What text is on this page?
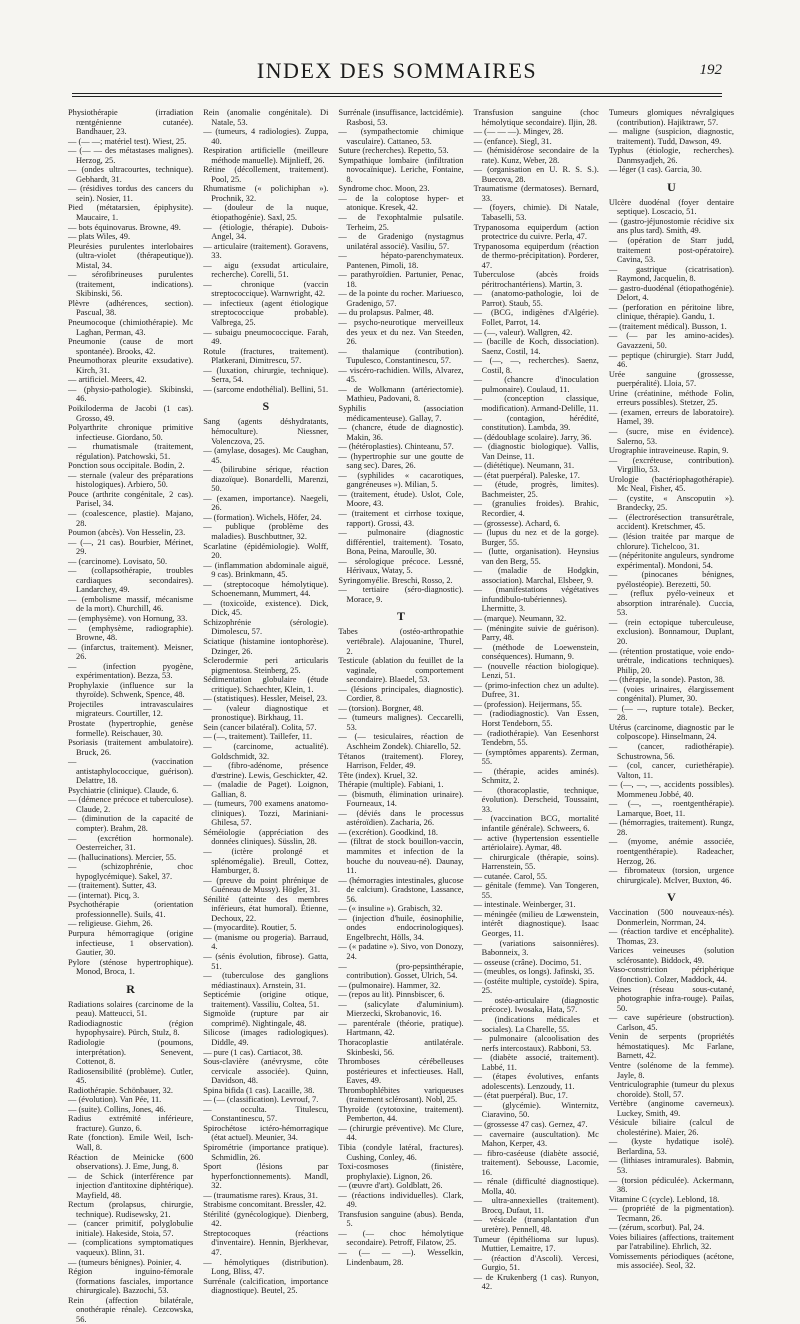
INDEX DES SOMMAIRES	192

Physiothérapie (irradiation rœntgénienne cutanée). Bandhauer, 23.

— (— —; matériel test). Wiest, 25.

— (— — des métastases malignes). Herzog, 25.

— (ondes ultracourtes, technique). Gebhardt, 31.

— (résidives tordus des cancers du sein). Nosier, 11.

Pied (métatarsien, épiphysite). Maucaire, 1.

— bots équinovarus. Browne, 49.

— plats Wiles, 49.

Pleurésies purulentes interlobaires (ultra-violet (thérapeutique)). Mistal, 34.

— sérofibrineuses purulentes (traitement, indications). Skibinski, 56.

Plèvre (adhérences, section). Pascual, 38.

Pneumocoque (chimiothérapie). Mc Laghan, Perman, 43.

Pneumonie (cause de mort spontanée). Brooks, 42.

Pneumothorax pleurite exsudative). Kirch, 31.

— artificiel. Meers, 42.

— (physio-pathologie). Skibinski, 46.

Poikiloderma de Jacobi (1 cas). Grosso, 49.

Polyarthrite chronique primitive infectieuse. Giordano, 50.

— rhumatismale (traitement, régulation). Patchowski, 51.

Ponction sous occipitale. Bodin, 2.

— sternale (valeur des préparations histologiques). Arbiero, 50.

Pouce (arthrite congénitale, 2 cas). Parisel, 34.

— (coalescence, plastie). Majano, 28.

Poumon (abcès). Von Hesselin, 23.

— (—, 21 cas). Bourbier, Mérinet, 29.

— (carcinome). Lovisato, 50.

— (collapsothérapie, troubles cardiaques secondaires). Landarchey, 49.

— (embolisme massif, mécanisme de la mort). Churchill, 46.

— (emphysème). von Hornung, 33.

— (emphysème, radiographie). Browne, 48.

— (infarctus, traitement). Meisner, 26.

— (infection pyogène, expérimentation). Bezza, 53.

Prophylaxie (influence sur la thyroïde). Schwenk, Spence, 48.

Projectiles intravasculaires migrateurs. Courtiller, 12.

Prostate (hypertrophie, genèse formelle). Reischauer, 30.

Psoriasis (traitement ambulatoire). Bruck, 26.

— (vaccination antistaphylococcique, guérison). Delattre, 18.

Psychiatrie (clinique). Claude, 6.

— (démence précoce et tuberculose). Claude, 2.

— (diminution de la capacité de compter). Brahm, 28.

— (excrétion hormonale). Oesterreicher, 31.

— (hallucinations). Mercier, 55.

— (schizophrénie, choc hypoglycémique). Sakel, 37.

— (traitement). Sutter, 43.

— (internat). Picq, 3.

Psychothérapie (orientation professionnelle). Suils, 41.

— religieuse. Giehm, 26.

Purpura hémorragique (origine infectieuse, 1 observation). Gautier, 30.

Pylore (sténose hypertrophique). Monod, Broca, 1.

R

Radiations solaires (carcinome de la peau). Matteucci, 51.

Radiodiagnostic (région hypophysaire). Pürch, Stulz, 8.

Radiologie (poumons, interprétation). Senevent, Cottenot, 8.

Radiosensibilité (problème). Cutler, 45.

Radiothérapie. Schönbauer, 32.

— (évolution). Van Pée, 11.

— (suite). Collins, Jones, 46.

Radius extrémité inférieure, fracture). Gunzo, 6.

Rate (fonction). Emile Weil, Isch-Wall, 8.

Réaction de Meinicke (600 observations). J. Eme, Jung, 8.

— de Schick (interférence par injection d'antitoxine diphtérique). Mayfield, 48.

Rectum (prolapsus, chirurgie, technique). Rudisewsky, 21.

— (cancer primitif, polyglobulie initiale). Hakeside, Stoia, 57.

— (complications symptomatiques vaqueux). Blinn, 31.

— (tumeurs bénignes). Poinier, 4.

Région inguino-fémorale (formations fasciales, importance chirurgicale). Bazzochi, 53.

Rein (affection bilatérale, onothérapie rénale). Cezcowska, 56.

Rein (anomalie congénitale). Di Natale, 53.

— (tumeurs, 4 radiologies). Zuppa, 40.

Respiration artificielle (meilleure méthode manuelle). Mijnlieff, 26.

Rétine (décollement, traitement). Pool, 25.

Rhumatisme (« polichiphan »). Prochnik, 32.

— (douleur de la nuque, étiopathogénie). Saxl, 25.

— (étiologie, thérapie). Dubois-Angel, 34.

— articulaire (traitement). Goravens, 33.

— aigu (exsudat articulaire, recherche). Corelli, 51.

— chronique (vaccin streptococcique). Warnwright, 42.

— infectieux (agent étiologique streptococcique probable). Valbrega, 25.

— subaigu pneumococcique. Farah, 49.

Rotule (fractures, traitement). Platkerani, Dimitrescu, 57.

— (luxation, chirurgie, technique). Serra, 54.

— (sarcome endothélial). Bellini, 51.

S

Sang (agents déshydratants, hémoculture). Niessner, Volenczova, 25.

— (amylase, dosages). Mc Caughan, 45.

— (bilirubine sérique, réaction diazoïque). Bonardelli, Marenzi, 50.

— (examen, importance). Naegeli, 26.

— (formation). Wichels, Höfer, 24.

— publique (problème des maladies). Buschbuttner, 32.

Scarlatine (épidémiologie). Wolff, 20.

— (inflammation abdominale aiguë, 9 cas). Brinkmann, 45.

— (streptocoque hémolytique). Schoenemann, Mummert, 44.

— (toxicoïde, existence). Dick, Dick, 45.

Schizophrénie (sérologie). Dimolescu, 57.

Sciatique (histamine iontophorèse). Dzinger, 26.

Sclerodermie peri articularis pigmentosa. Steinberg, 25.

Sédimentation globulaire (étude critique). Schaechter, Klein, 1.

— (statistiques). Hessler, Meisel, 23.

— (valeur diagnostique et pronostique). Birkhaug, 11.

Sein (cancer bilatéral). Colita, 57.

— (—, traitement). Taillefer, 11.

— (carcinome, actualité). Goldschmidt, 32.

— (fibro-adénome, présence d'œstrine). Lewis, Geschickter, 42.

— (maladie de Paget). Loignon, Gallian, 8.

— (tumeurs, 700 examens anatomo-cliniques). Tozzi, Mariniani-Ghilesa, 57.

Séméiologie (appréciation des données cliniques). Süsslin, 28.

— (ictère prolongé et splénomégalie). Breull, Cottez, Hamburger, 8.

— (preuve du point phrénique de Guéneau de Mussy). Högler, 31.

Sénilité (atteinte des membres inférieurs, état humoral). Étienne, Dechoux, 22.

— (myocardite). Routier, 5.

— (manisme ou progeria). Barraud, 4.

— (sénis évolution, fibrose). Gatta, 51.

— (tuberculose des ganglions médiastinaux). Arnstein, 31.

Septicémie (origine otique, traitement). Vassiliu, Coltea, 51.

Sigmoïde (rupture par air comprimé). Nightingale, 48.

Silicose (images radiologiques). Diddle, 49.

— pure (1 cas). Cartiacot, 38.

Sous-clavière (anévrysme, côte cervicale associée). Quinn, Davidson, 48.

Spina bifida (1 cas). Lacaille, 38.

— (— (classification). Levrouf, 7.

— occulta. Titulescu, Constantinescu, 57.

Spirochétose ictéro-hémorragique (état actuel). Meunier, 34.

Spirométrie (importance pratique). Schmidlin, 26.

Sport (lésions par hyperfonctionnements). Mandl, 32.

— (traumatisme rares). Kraus, 31.

Strabisme concomitant. Bressler, 42.

Stérilité (gynécologique). Dienberg, 42.

Streptocoques (réactions d'inventaire). Hennin, Bjerkhevar, 47.

— hémolytiques (distribution). Long, Bliss, 47.

Surrénale (calcification, importance diagnostique). Beutel, 25.

Surrénale (insuffisance, lactcidémie). Rasbosi, 53.

— (sympathectomie chimique vasculaire). Cattaneo, 53.

Suture (recherches). Repetto, 53.

Sympathique lombaire (infiltration novocaïnique). Leriche, Fontaine, 8.

Syndrome choc. Moon, 23.

— de la coloptose hyper- et atonique. Kresek, 42.

— de l'exophtalmie pulsatile. Terheim, 25.

— de Gradenigo (nystagmus unilatéral associé). Vasiliu, 57.

— hépato-parenchymateux. Pantenen, Pimoli, 18.

— parathyroïdien. Partunier, Penac, 18.

— de la pointe du rocher. Mariuesco, Gradenigo, 57.

— du prolapsus. Palmer, 48.

— psycho-neurotique merveilleux des yeux et du nez. Van Steeden, 26.

— thalamique (contribution). Tupulesco, Constantinescu, 57.

— viscéro-rachidien. Wills, Alvarez, 45.

— de Wolkmann (artériectomie). Mathieu, Padovani, 8.

Syphilis (association médicamenteuse). Gallay, 7.

— (chancre, étude de diagnostic). Makin, 36.

— (hétéroplasties). Chinteanu, 57.

— (hypertrophie sur une goutte de sang sec). Dares, 26.

— (syphilides « cacarotiques, gangréneuses »). Milian, 5.

— (traitement, étude). Uslot, Cole, Moore, 43.

— (traitement et cirrhose toxique, rapport). Grossi, 43.

— pulmonaire (diagnostic différentiel, traitement). Tosato, Bona, Peina, Maroulle, 30.

— sérologique précoce. Lessné, Hérivaux, Watay, 5.

Syringomyélie. Breschi, Rosso, 2.

— tertiaire (séro-diagnostic). Morace, 9.

T

Tabes (ostéo-arthropathie vertébrale). Alajouanine, Thurel, 2.

Testicule (ablation du feuillet de la vaginale, comportement secondaire). Blaedel, 53.

— (lésions principales, diagnostic). Cordier, 8.

— (torsion). Borgner, 48.

— (tumeurs malignes). Ceccarelli, 53.

— (— tesiculaires, réaction de Aschheim Zondek). Chiarello, 52.

Tétanos (traitement). Florey, Harrison, Felder, 49.

Tête (index). Kruel, 32.

Thérapie (multiple). Fabiani, 1.

— (bismuth, élimination urinaire). Fourneaux, 14.

— (déviés dans le processus astéroïdien). Zacharia, 26.

— (excrétion). Goodkind, 18.

— (filtrat de stock bouillon-vaccin, mammites et infection de la bouche du nouveau-né). Daunay, 11.

— (hémorragies intestinales, glucose de calcium). Gradstone, Lassance, 56.

— (« insuline »). Grabisch, 32.

— (injection d'huile, éosinophilie, ondes endocrinologiques). Engelbrecht, Hölls, 34.

— (« padatine »). Sivo, von Donozy, 24.

— (pro-pepsinthérapie, contribution). Gosset, Ulrich, 54.

— (pulmonaire). Hammer, 32.

— (repos au lit). Pinnsbiscer, 6.

— (salicylate d'aluminium). Mierzecki, Skrobanovic, 16.

— parentérale (théorie, pratique). Hartmann, 42.

Thoracoplastie antilatérale. Skinbeski, 56.

Thromboses cérébelleuses postérieures et infectieuses. Hall, Eaves, 49.

Thrombophlébites variqueuses (traitement sclérosant). Nobl, 25.

Thyroïde (cytotoxine, traitement). Pemberton, 44.

— (chirurgie préventive). Mc Clure, 44.

Tibia (condyle latéral, fractures). Cushing, Conley, 46.

Toxi-cosmoses (finistère, prophylaxie). Lignon, 26.

— (œuvre d'art). Goldblatt, 26.

— (réactions individuelles). Clark, 49.

Transfusion sanguine (abus). Benda, 5.

— (— choc hémolytique secondaire). Petroff, Filatow, 25.

— (— — —). Wesselkin, Lindenbaum, 28.

Transfusion sanguine (choc hémolytique secondaire). Iljin, 28.

— (— — —). Mingev, 28.

— (enfance). Siegl, 31.

— (hémisidérose secondaire de la rate). Kunz, Weber, 28.

— (organisation en U. R. S. S.). Buecova, 28.

Traumatisme (dermatoses). Bernard, 33.

— (foyers, chimie). Di Natale, Tabaselli, 53.

Trypanosoma equiperdum (action protectrice du cuivre. Perla, 47.

Trypanosoma equiperdum (réaction de thermo-précipitation). Porderer, 47.

Tuberculose (abcès froids péritrochantériens). Martin, 3.

— (anatomo-pathologie, loi de Parrot). Staub, 55.

— (BCG, indigènes d'Algérie). Follet, Parrot, 14.

— (—, valeur). Wallgren, 42.

— (bacille de Koch, dissociation). Saenz, Costil, 14.

— (—, —, recherches). Saenz, Costil, 8.

— (chancre d'inoculation pulmonaire). Coulaud, 11.

— (conception classique, modification). Armand-Delille, 11.

— (contagion, hérédité, constitution). Lambda, 39.

— (dédoublage scolaire). Jarry, 36.

— (diagnostic biologique). Vallis, Van Deinse, 11.

— (diététique). Neumann, 31.

— (état puerpéral). Paleske, 17.

— (étude, progrès, limites). Bachmeister, 25.

— (granulies froides). Brahic, Recordier, 4.

— (grossesse). Achard, 6.

— (lupus du nez et de la gorge). Burger, 55.

— (lutte, organisation). Heynsius van den Berg, 55.

— (maladie de Hodgkin, association). Marchal, Elsbeer, 9.

— (manifestations végétatives infundibulo-tubériennes). Lhermitte, 3.

— (marque). Neumann, 32.

— (méningite suivie de guérison). Parry, 48.

— (méthode de Loewenstein, conséquences). Humann, 9.

— (nouvelle réaction biologique). Lenzi, 51.

— (primo-infection chez un adulte). Dufree, 31.

— (profession). Heijermans, 55.

— (radiodiagnostic). Van Essen, Horst Tendeborn, 55.

— (radiothérapie). Van Eesenhorst Tendebrn, 55.

— (symptômes apparents). Zerman, 55.

— (thérapie, acides aminés). Schmitz, 2.

— (thoracoplastie, technique, évolution). Derscheid, Toussaint, 33.

— (vaccination BCG, mortalité infantile générale). Schweers, 6.

— active (hypertension essentielle artériolaire). Aymar, 48.

— chirurgicale (thérapie, soins). Harrenstein, 55.

— cutanée. Carol, 55.

— génitale (femme). Van Tongeren, 55.

— intestinale. Weinberger, 31.

— méningée (milieu de Lœwenstein, intérêt diagnostique). Isaac Georges, 11.

— (variations saisonnières). Babonneix, 3.

— osseuse (crâne). Docimo, 51.

— (meubles, os longs). Jafinski, 35.

— (ostéite multiple, cystoïde). Spira, 25.

— ostéo-articulaire (diagnostic précoce). Iwosaka, Hata, 57.

— (indications médicales et sociales). La Charelle, 55.

— pulmonaire (alcoolisation des nerfs intercostaux). Rabboni, 53.

— (diabète associé, traitement). Labbé, 11.

— (étapes évolutives, enfants adolescents). Lenzoudy, 11.

— (état puerpéral). Buc, 17.

— (glycémie). Winternitz, Ciaravino, 50.

— (grossesse 47 cas). Gernez, 47.

— cavernaire (auscultation). Mc Mahon, Kerper, 43.

— fibro-caséeuse (diabète associé, traitement). Sebousse, Lacomie, 16.

— rénale (difficulté diagnostique). Molla, 40.

— ultra-annexielles (traitement). Brocq, Dufaut, 11.

— vésicale (transplantation d'un uretère). Pennell, 48.

Tumeur (épithélioma sur lupus). Muttier, Lemaitre, 17.

— (réaction d'Ascoli). Vercesi, Gurgio, 51.

— de Krukenberg (1 cas). Runyon, 42.

Tumeurs glomiques névralgiques (contribution). Hajiktrawr, 57.

— maligne (suspicion, diagnostic, traitement). Tudd, Dawson, 49.

Typhus (étiologie, recherches). Danmsyadjeh, 26.

— léger (1 cas). Garcia, 30.

U

Ulcère duodénal (foyer dentaire septique). Loscacio, 51.

— (gastro-jéjunostomie récidive six ans plus tard). Smith, 49.

— (opération de Starr judd, traitement post-opératoire). Cavina, 53.

— gastrique (cicatrisation). Raymond, Jacquelin, 8.

— gastro-duodénal (étiopathogénie). Delort, 4.

— (perforation en péritoine libre, clinique, thérapie). Gandu, 1.

— (traitement médical). Busson, 1.

— (— par les amino-acides). Gavazzeni, 50.

— peptique (chirurgie). Starr Judd, 46.

Urée sanguine (grossesse, puerpéralité). Lloia, 57.

Urine (créatinine, méthode Folin, erreurs possibles). Stetzer, 25.

— (examen, erreurs de laboratoire). Hamel, 39.

— (sucre, mise en évidence). Salerno, 53.

Urographie intraveineuse. Rapin, 9.

— (excréteuse, contribution). Virgillio, 53.

Urologie (bactériophagothérapie). Mc Neal, Fisher, 45.

— (cystite, « Anscoputin »). Brandecky, 25.

— (électrorésection transurétrale, accident). Kretschmer, 45.

— (lésion traitée par marque de chlorure). Tichelcoo, 31.

— (népéritonite anguleurs, syndrome expérimental). Mondoni, 54.

— (pinocanes bénignes, pyélostéopie). Berezetti, 50.

— (reflux pyélo-veineux et absorption intrarénale). Cuccia, 53.

— (rein ectopique tuberculeuse, exclusion). Bonnamour, Duplant, 20.

— (rétention prostatique, voie endo-urétrale, indications techniques). Philip, 20.

— (thérapie, la sonde). Paston, 38.

— (voies urinaires, élargissement congénital). Plumer, 30.

— (— —, rupture totale). Becker, 28.

Utérus (carcinome, diagnostic par le colposcope). Hinselmann, 24.

— (cancer, radiothérapie). Schustrowna, 56.

— (col, cancer, curiethérapie). Valton, 11.

— (—, —, —, accidents possibles). Mommeneu Jobbé, 40.

— (—, —, roentgenthérapie). Lamarque, Boet, 11.

— (hémorragies, traitement). Rungz, 28.

— (myome, anémie associée, roentgenthérapie). Radeacher, Herzog, 26.

— fibromateux (torsion, urgence chirurgicale). McIver, Buxton, 46.

V

Vaccination (500 nouveaux-nés). Donmerlein, Norrman, 24.

— (réaction tardive et encéphalite). Thomas, 23.

Varices veineuses (solution sclérosante). Biddock, 49.

Vaso-constriction périphérique (fonction). Colzer, Maddock, 44.

Veines (réseau sous-cutané, photographie infra-rouge). Pailas, 50.

— cave supérieure (obstruction). Carlson, 45.

Venin de serpents (propriétés hémostatiques). Mc Farlane, Barnett, 42.

Ventre (solénome de la femme). Jayle, 8.

Ventriculographie (tumeur du plexus choroïde). Stoll, 57.

Vertèbre (anginome caverneux). Luckey, Smith, 49.

Vésicule biliaire (calcul de cholestérine). Maier, 26.

— (kyste hydatique isolé). Berlardina, 53.

— (lithiases intramurales). Babmin, 53.

— (torsion pédiculée). Ackermann, 38.

Vitamine C (cycle). Leblond, 18.

— (propriété de la pigmentation). Tecmann, 26.

— (zérum, scorbut). Pal, 24.

Voies biliaires (affections, traitement par l'atrabiline). Ehrlich, 32.

Vomissements périodiques (acétone, mis associée). Seol, 32.
